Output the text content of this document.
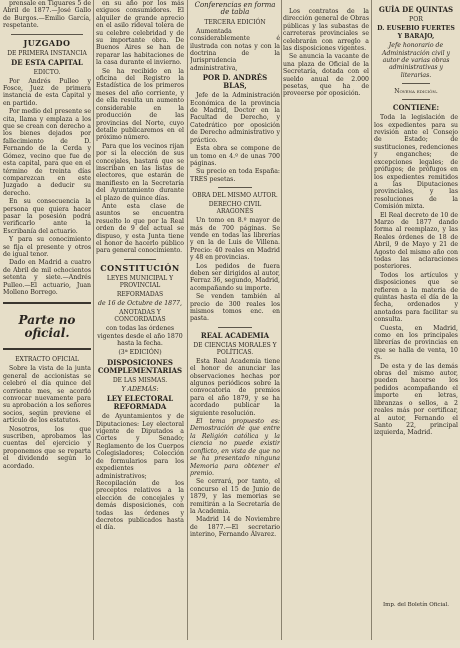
prensale en Tiguares 5 de Abril de 1877.—José Gallo de Burgos.—Emilio García, respetante.

JUZGADO

DE PRIMERA INSTANCIA

DE ESTA CAPITAL

EDICTO.

Por Andrés Pulleo y Fosce, Juez de primera instancia de esta Capital y en partido.

Por medio del presente se cita, llama y emplaza a los que se crean con derecho a los bienes dejados por fallecimiento de D. Fernando de la Cerda y Gómez, vecino que fue de esta capital, para que en el término de treinta días comparezcan en este Juzgado a deducir su derecho.

En su consecuencia la persona que quiera hacer pasar la posesión podrá verificarlo ante la Escribanía del actuario.

Y para su conocimiento se fija el presente y otros de igual tenor.

Dado en Madrid a cuatro de Abril de mil ochocientos setenta y siete.—Andrés Pulleo.—El actuario, Juan Molleno Borrego.

Parte no oficial.

EXTRACTO OFICIAL

Sobre la vista de la junta general de accionistas se celebró el día quince del corriente mes, se acordó convocar nuevamente para su aprobación a los señores socios, según previene el artículo de los estatutos.

Nosotros, los que suscriben, aprobamos las cuentas del ejercicio y proponemos que se reparta el dividendo según lo acordado.

en su año por los más exiguos consumidores. El alquiler de grande aprecio en el asilo rideval tolera de su celebre celebridad y de su importante obra. De Buenos Aires se han de reparar las habitaciones de la casa durante el invierno.

Se ha recibido en la oficina del Registro la Estadística de los primeros meses del año corriente, y de ella resulta un aumento considerable en la producción de las provincias del Norte, cuyo detalle publicaremos en el próximo número.

Para que los vecinos rijan por si la elección de sus concejales, bastará que se inscriban en las listas de electores, que estarán de manifiesto en la Secretaría del Ayuntamiento durante el plazo de quince días.

Ante esta clase de asuntos se encuentra resuelto lo que por la Real orden de 9 del actual se dispuso, y esta Junta tiene el honor de hacerlo público para general conocimiento.

CONSTITUCIÓN

LEYES MUNICIPAL Y PROVINCIAL

REFORMADAS

de 16 de Octubre de 1877,

ANOTADAS Y CONCORDADAS

con todas las órdenes vigentes desde el año 1870 hasta la fecha.

(3ª EDICIÓN)

DISPOSICIONES COMPLEMENTARIAS

DE LAS MISMAS.

Y ADEMÁS:

LEY ELECTORAL REFORMADA

de Ayuntamientos y de Diputaciones: Ley electoral vigente de Diputados a Cortes y Senado; Reglamento de los Cuerpos Colegisladores; Colección de formularios para los expedientes administrativos; Recopilación de los preceptos relativos a la elección de concejales y demás disposiciones, con todas las órdenes y decretos publicados hasta el día.

Conferencias en forma de tabla

TERCERA EDICIÓN

Aumentada considerablemente é ilustrada con notas y con la doctrina de la Jurisprudencia administrativa,

POR D. ANDRÉS BLAS,

Jefe de la Administración Económica de la provincia de Madrid, Doctor en la Facultad de Derecho, y Catedrático por oposición de Derecho administrativo y práctico.

Esta obra se compone de un tomo en 4.º de unas 700 páginas.

Su precio en toda España: TRES pesetas.

OBRA DEL MISMO AUTOR.

DERECHO CIVIL ARAGONÉS

Un tomo en 8.º mayor de más de 700 páginas. Se vende en todas las librerías y en la de Luis de Villena. Precio: 40 reales en Madrid y 48 en provincias.

Los pedidos de fuera deben ser dirigidos al autor, Ferraz 36, segundo, Madrid, acompañando su importe.

Se venden también al precio de 300 reales los mismos tomos enc. en pasta.

REAL ACADEMIA

DE CIENCIAS MORALES Y POLÍTICAS.

Esta Real Academia tiene el honor de anunciar las observaciones hechas por algunos periódicos sobre la convocatoria de premios para el año 1879, y se ha acordado publicar la siguiente resolución.

El tema propuesto es: Demostración de que entre la Religión católica y la ciencia no puede existir conflicto, en vista de que no se ha presentado ninguna Memoria para obtener el premio.

Se cerrará, por tanto, el concurso el 15 de Junio de 1879, y las memorias se remitirán a la Secretaría de la Academia.

Madrid 14 de Noviembre de 1877.—El secretario interino, Fernando Álvarez.

Los contratos de la dirección general de Obras públicas y las subastas de carreteras provinciales se celebrarán con arreglo a las disposiciones vigentes.

Se anuncia la vacante de una plaza de Oficial de la Secretaría, dotada con el sueldo anual de 2.000 pesetas, que ha de proveerse por oposición.

GUÍA DE QUINTAS

POR

D. EUSEBIO FUERTES Y BARAJO,

Jefe honorario de Administración civil y autor de varias obras administrativas y literarias.

Novena edición.

CONTIENE:

Toda la legislación de los expedientes para su revisión ante el Consejo de Estado; de sustituciones, redenciones y enganches; de excepciones legales; de prófugos; de prófugos en los expedientes remitidos a las Diputaciones provinciales, y las resoluciones de la Comisión mixta.

El Real decreto de 10 de Marzo de 1877 dando forma al reemplazo, y las Reales órdenes de 18 de Abril, 9 de Mayo y 21 de Agosto del mismo año con todas las aclaraciones posteriores.

Todos los artículos y disposiciones que se refieren a la materia de quintas hasta el día de la fecha, ordenados y anotados para facilitar su consulta.

Cuesta, en Madrid, como en los principales librerías de provincias en que se halla de venta, 10 rs.

De esta y de las demás obras del mismo autor, pueden hacerse los pedidos acompañando el importe en letras, libranzas o sellos, a 2 reales más por certificar, al autor, Fernando el Santo 22, principal izquierda, Madrid.

Imp. del Boletín Oficial.
